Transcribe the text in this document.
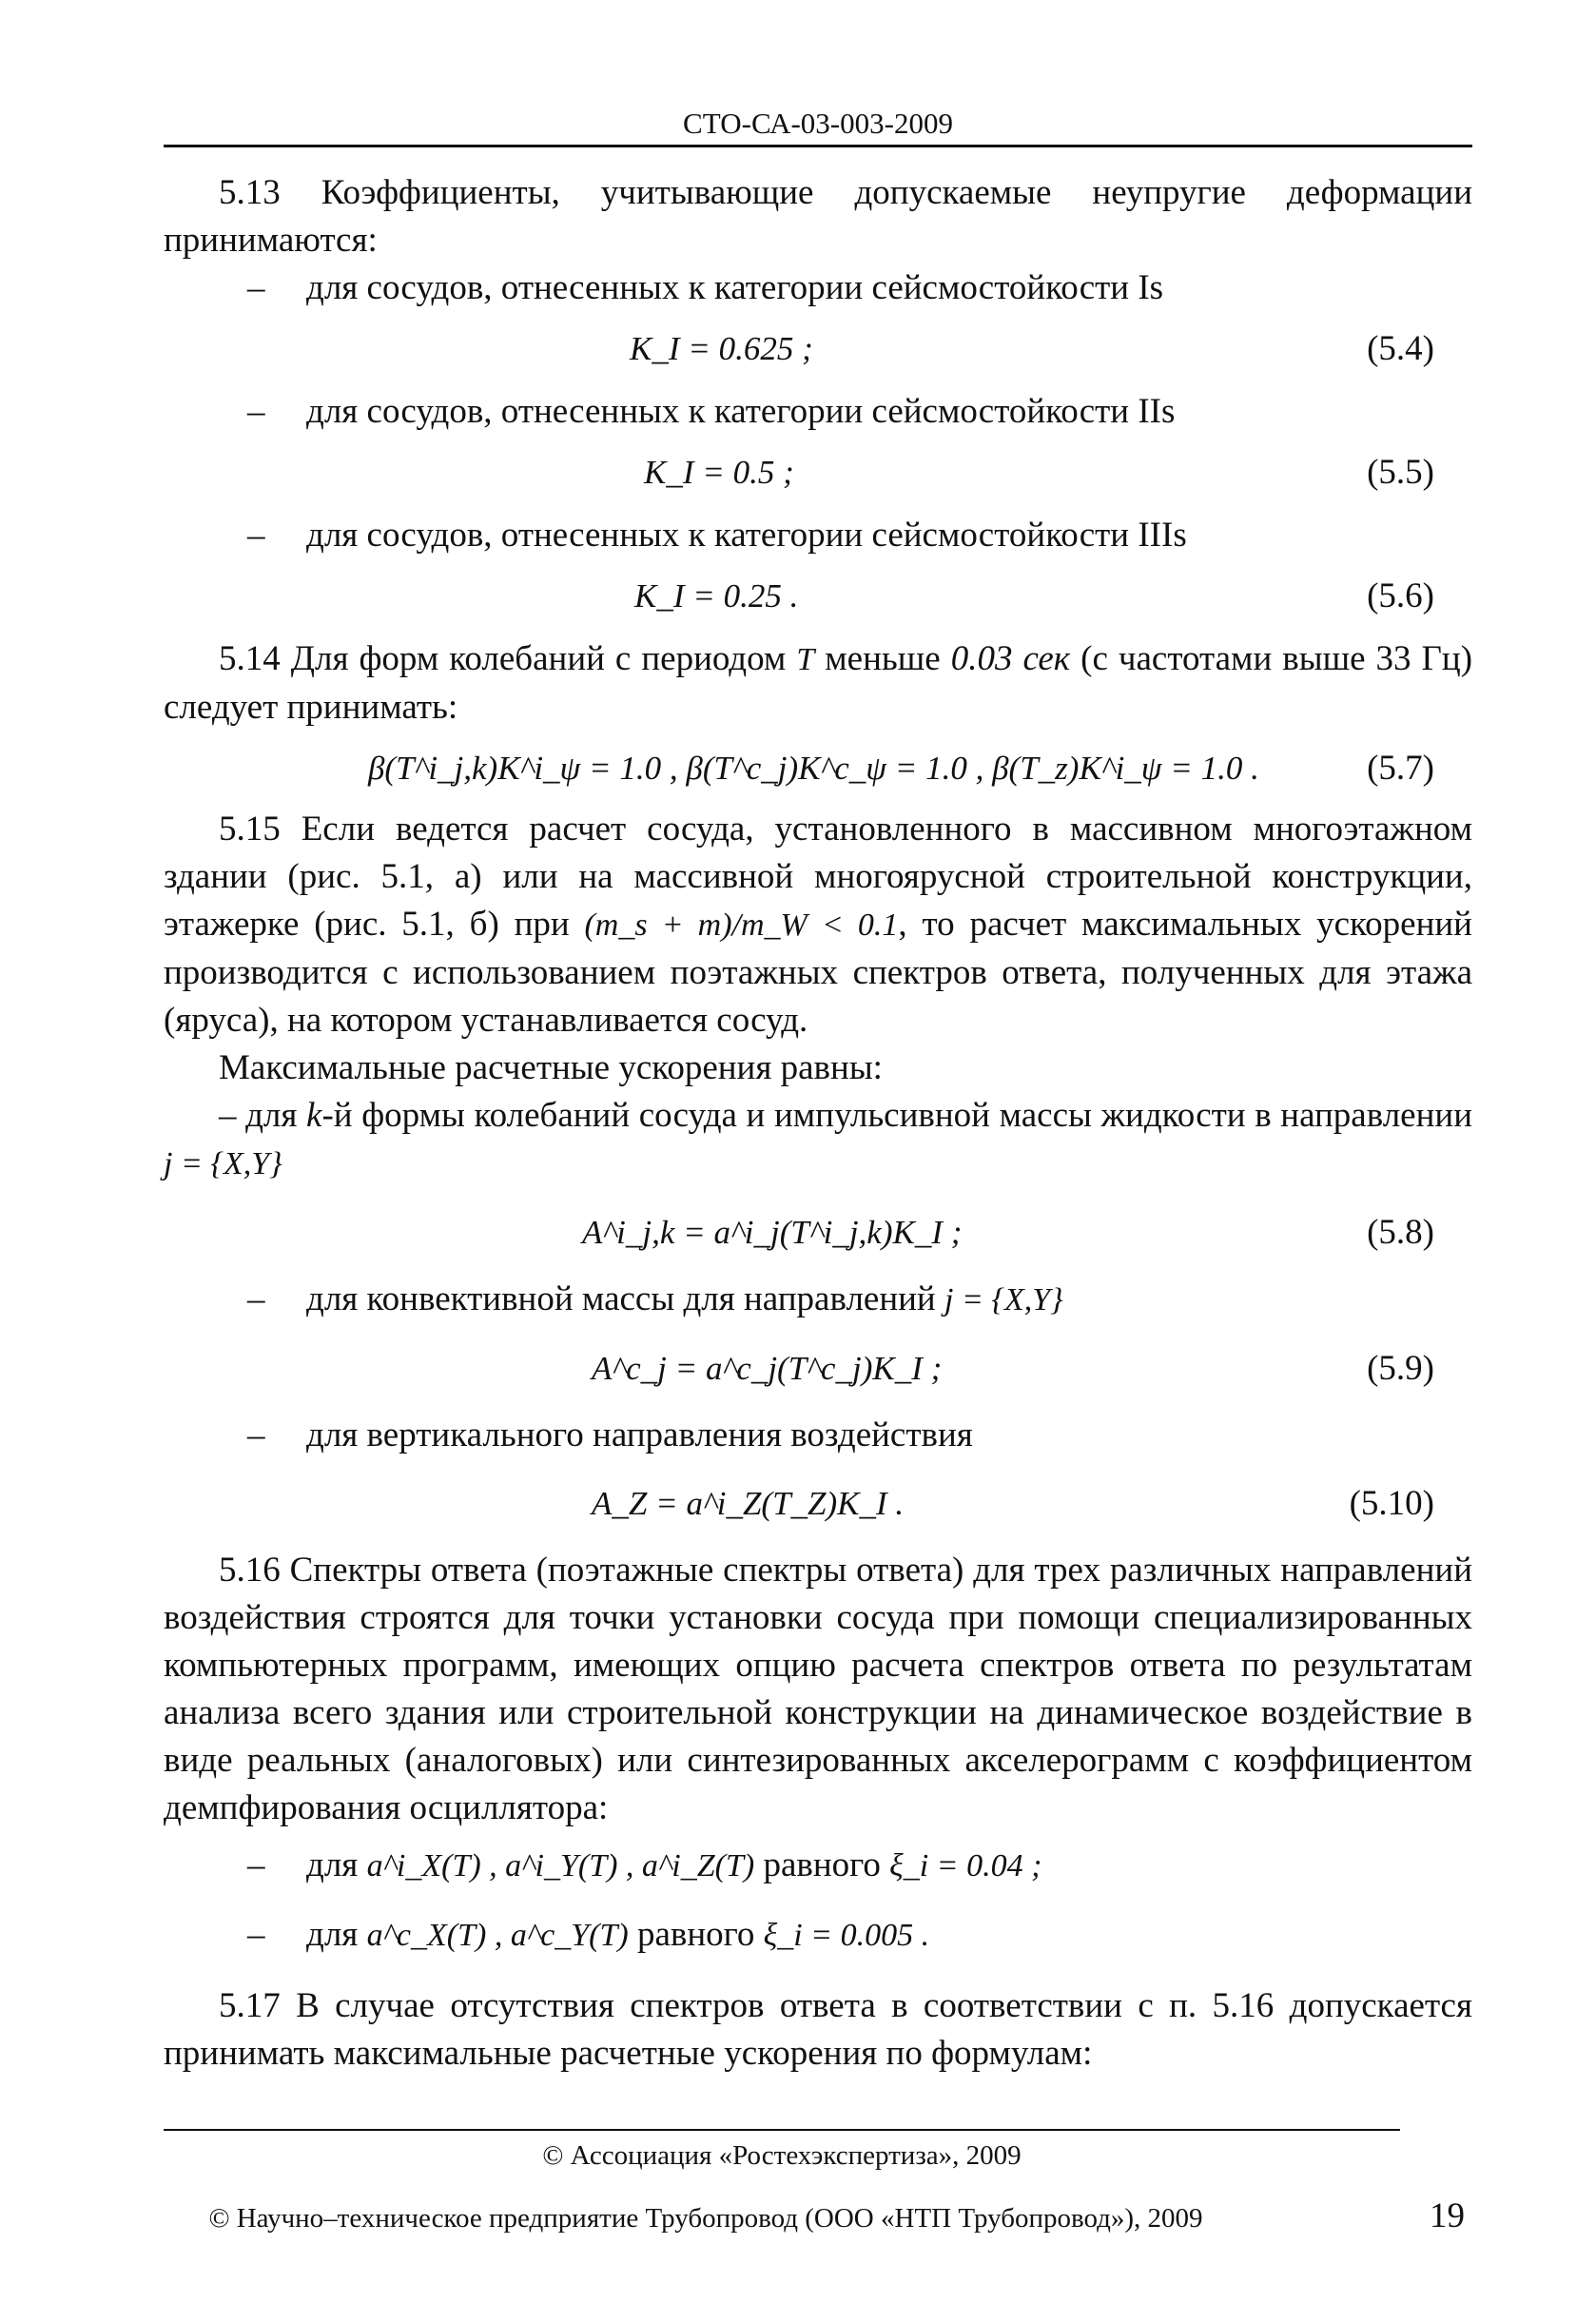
СТО-СА-03-003-2009

5.13 Коэффициенты, учитывающие допускаемые неупругие деформации принимаются:

– для сосудов, отнесенных к категории сейсмостойкости Is

K_I = 0.625 ;	(5.4)

– для сосудов, отнесенных к категории сейсмостойкости IIs

K_I = 0.5 ;	(5.5)

– для сосудов, отнесенных к категории сейсмостойкости IIIs

K_I = 0.25 .	(5.6)

5.14 Для форм колебаний с периодом T меньше 0.03 сек (с частотами выше 33 Гц) следует принимать:

β(T^i_j,k)K^i_ψ = 1.0 , β(T^c_j)K^c_ψ = 1.0 , β(T_z)K^i_ψ = 1.0 .	(5.7)

5.15 Если ведется расчет сосуда, установленного в массивном многоэтажном здании (рис. 5.1, а) или на массивной многоярусной строительной конструкции, этажерке (рис. 5.1, б) при (m_s + m)/m_W < 0.1, то расчет максимальных ускорений производится с использованием поэтажных спектров ответа, полученных для этажа (яруса), на котором устанавливается сосуд.

Максимальные расчетные ускорения равны:

– для k-й формы колебаний сосуда и импульсивной массы жидкости в направлении j = {X,Y}

A^i_j,k = a^i_j(T^i_j,k)K_I ;	(5.8)

– для конвективной массы для направлений j = {X,Y}

A^c_j = a^c_j(T^c_j)K_I ;	(5.9)

– для вертикального направления воздействия

A_Z = a^i_Z(T_Z)K_I .	(5.10)

5.16 Спектры ответа (поэтажные спектры ответа) для трех различных направлений воздействия строятся для точки установки сосуда при помощи специализированных компьютерных программ, имеющих опцию расчета спектров ответа по результатам анализа всего здания или строительной конструкции на динамическое воздействие в виде реальных (аналоговых) или синтезированных акселерограмм с коэффициентом демпфирования осциллятора:

– для a^i_X(T) , a^i_Y(T) , a^i_Z(T) равного ξ_i = 0.04 ;

– для a^c_X(T) , a^c_Y(T) равного ξ_i = 0.005 .

5.17 В случае отсутствия спектров ответа в соответствии с п. 5.16 допускается принимать максимальные расчетные ускорения по формулам:

© Ассоциация «Ростехэкспертиза», 2009
© Научно–техническое предприятие Трубопровод (ООО «НТП Трубопровод»), 2009	19
